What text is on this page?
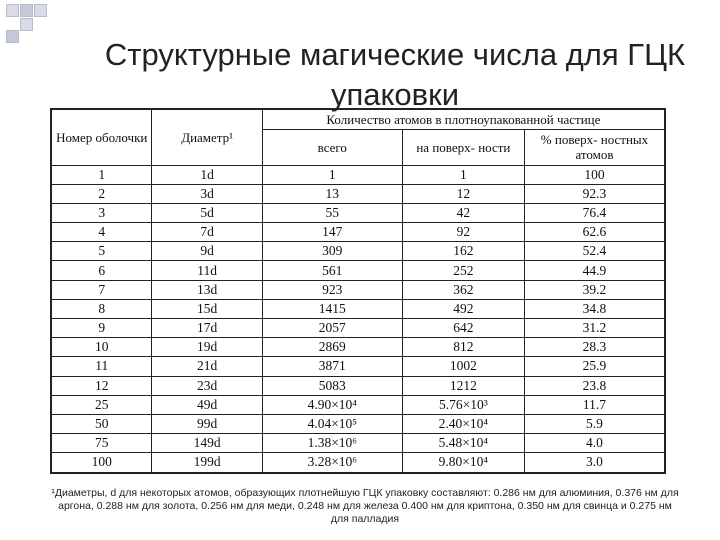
Структурные магические числа для ГЦК упаковки
Номер оболочки	Диаметр¹	Количество атомов в плотноупакованной частице		
		всего	на поверх- ности	% поверх- ностных атомов
1	1d	1	1	100
2	3d	13	12	92.3
3	5d	55	42	76.4
4	7d	147	92	62.6
5	9d	309	162	52.4
6	11d	561	252	44.9
7	13d	923	362	39.2
8	15d	1415	492	34.8
9	17d	2057	642	31.2
10	19d	2869	812	28.3
11	21d	3871	1002	25.9
12	23d	5083	1212	23.8
25	49d	4.90×10⁴	5.76×10³	11.7
50	99d	4.04×10⁵	2.40×10⁴	5.9
75	149d	1.38×10⁶	5.48×10⁴	4.0
100	199d	3.28×10⁶	9.80×10⁴	3.0
¹Диаметры, d для некоторых атомов, образующих плотнейшую ГЦК упаковку составляют: 0.286 нм для алюминия, 0.376 нм для аргона, 0.288 нм для золота, 0.256 нм для меди, 0.248 нм для железа 0.400 нм для криптона, 0.350 нм для свинца и 0.275 нм для палладия
